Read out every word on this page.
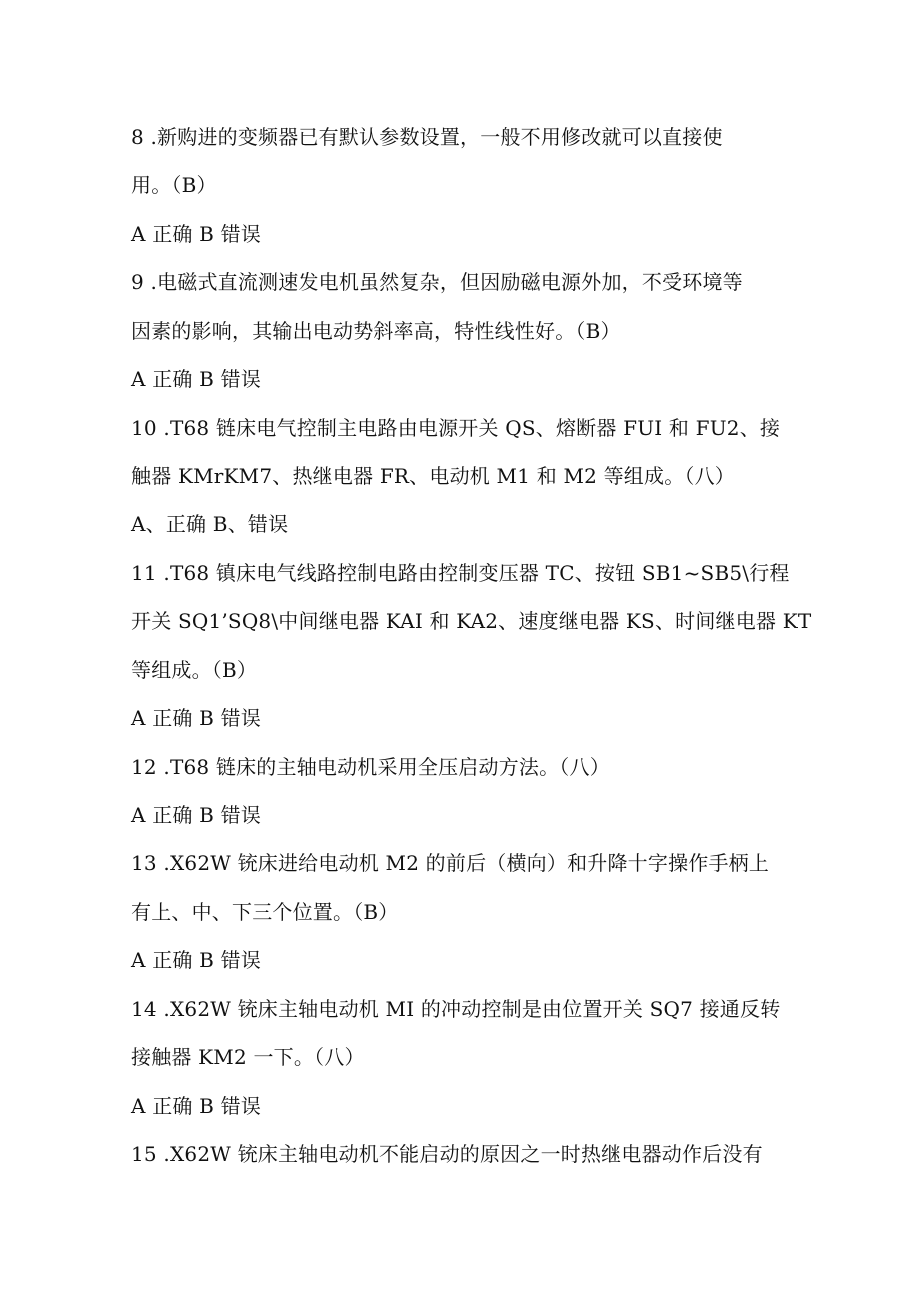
8 .新购进的变频器已有默认参数设置，一般不用修改就可以直接使
用。（B）
A 正确 B 错误
9 .电磁式直流测速发电机虽然复杂，但因励磁电源外加，不受环境等
因素的影响，其输出电动势斜率高，特性线性好。（B）
A 正确 B 错误
10 .T68 链床电气控制主电路由电源开关 QS、熔断器 FUI 和 FU2、接
触器 KMrKM7、热继电器 FR、电动机 M1 和 M2 等组成。（八）
A、正确 B、错误
11 .T68 镇床电气线路控制电路由控制变压器 TC、按钮 SB1~SB5\行程
开关 SQ1’SQ8\中间继电器 KAI 和 KA2、速度继电器 KS、时间继电器 KT
等组成。（B）
A 正确 B 错误
12 .T68 链床的主轴电动机采用全压启动方法。（八）
A 正确 B 错误
13 .X62W 铳床进给电动机 M2 的前后（横向）和升降十字操作手柄上
有上、中、下三个位置。（B）
A 正确 B 错误
14 .X62W 铳床主轴电动机 MI 的冲动控制是由位置开关 SQ7 接通反转
接触器 KM2 一下。（八）
A 正确 B 错误
15 .X62W 铳床主轴电动机不能启动的原因之一时热继电器动作后没有
